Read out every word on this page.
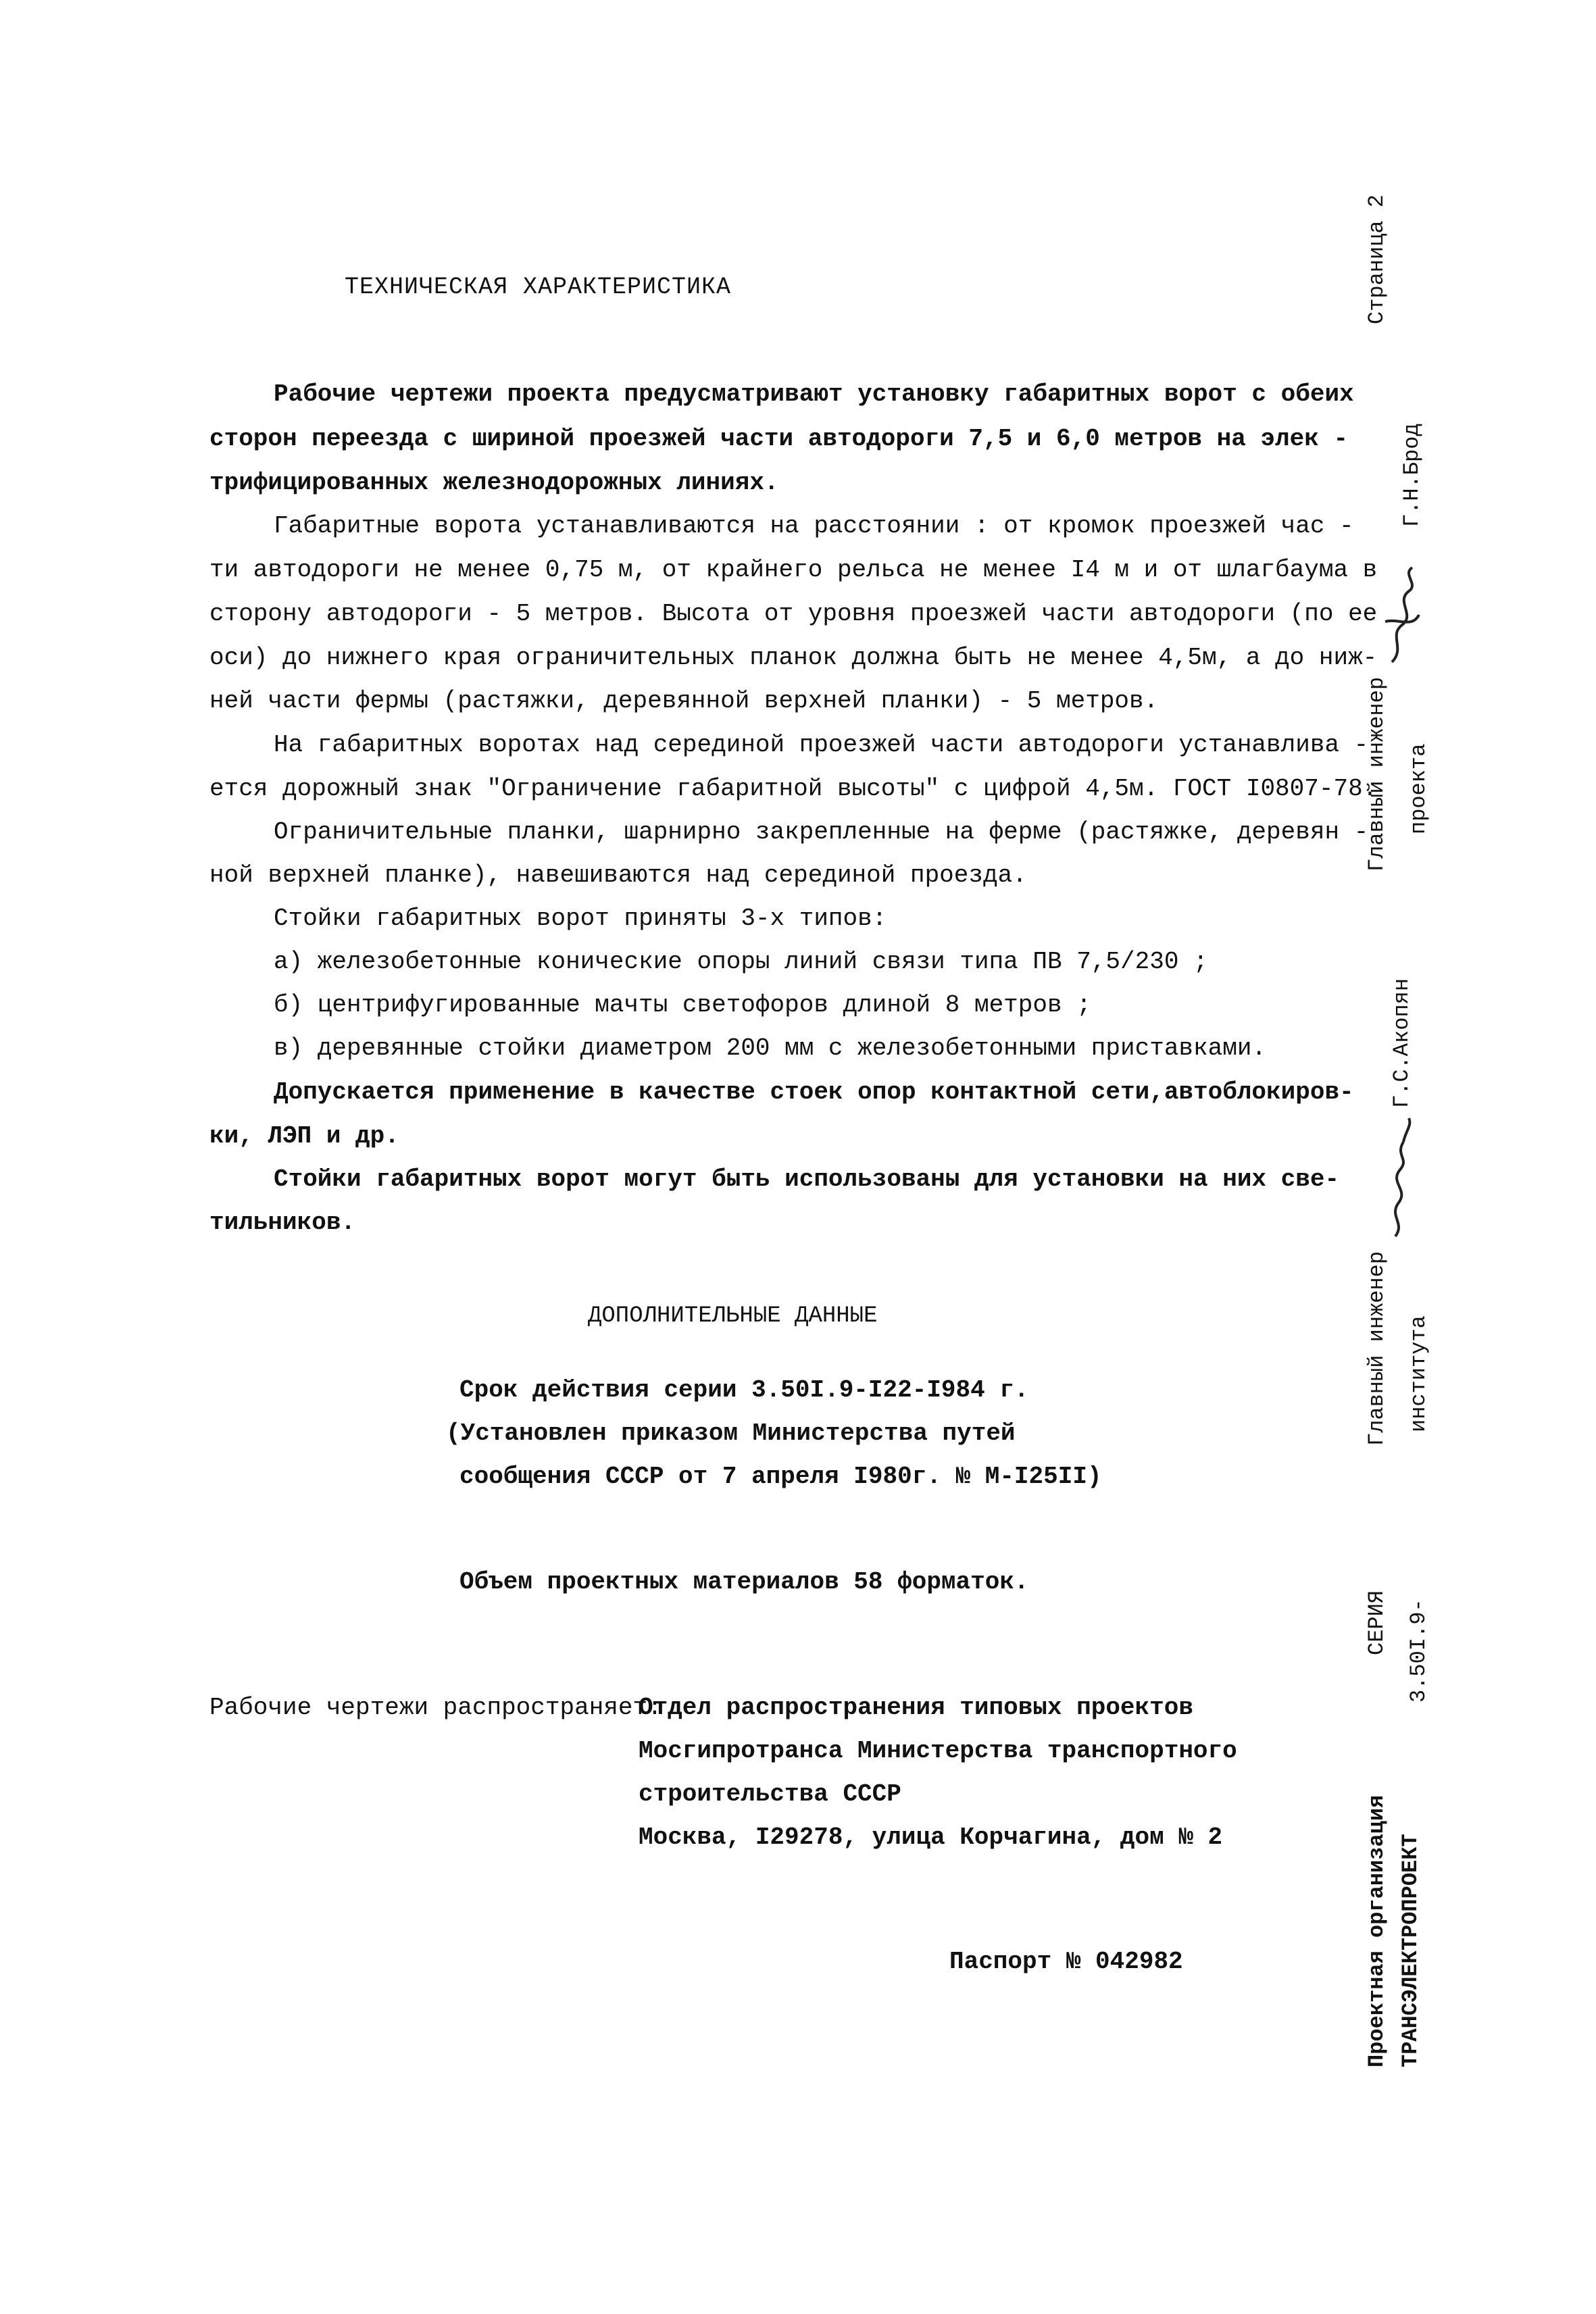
ТЕХНИЧЕСКАЯ ХАРАКТЕРИСТИКА
Рабочие чертежи проекта предусматривают установку габаритных ворот с обеих
сторон переезда с шириной проезжей части автодороги 7,5 и 6,0 метров на элек -
трифицированных железнодорожных линиях.
Габаритные ворота устанавливаются на расстоянии : от кромок проезжей час -
ти автодороги не менее 0,75 м, от крайнего рельса не менее I4 м и от шлагбаума в
сторону автодороги - 5 метров. Высота от уровня проезжей части автодороги (по ее
оси) до нижнего края ограничительных планок должна быть не менее 4,5м, а до ниж-
ней части фермы (растяжки, деревянной верхней планки) - 5 метров.
На габаритных воротах над серединой проезжей части автодороги устанавлива -
ется дорожный знак "Ограничение габаритной высоты" с цифрой 4,5м. ГОСТ I0807-78.
Ограничительные планки, шарнирно закрепленные на ферме (растяжке, деревян -
ной верхней планке), навешиваются над серединой проезда.
Стойки габаритных ворот приняты 3-х типов:
а) железобетонные конические опоры линий связи типа ПВ 7,5/230 ;
б) центрифугированные мачты светофоров длиной 8 метров ;
в) деревянные стойки диаметром 200 мм с железобетонными приставками.
Допускается применение в качестве стоек опор контактной сети,автоблокиров-
ки, ЛЭП и др.
Стойки габаритных ворот могут быть использованы для установки на них све-
тильников.
ДОПОЛНИТЕЛЬНЫЕ ДАННЫЕ
Срок действия серии 3.50I.9-I22-I984 г.
(Установлен приказом Министерства путей
сообщения СССР от 7 апреля I980г. № М-I25II)
Объем проектных материалов 58 форматок.
Рабочие чертежи распространяет:
Отдел распространения типовых проектов
Мосгипротранса Министерства транспортного
строительства СССР
Москва, I29278, улица Корчагина, дом № 2
Паспорт № 042982
Страница 2
Г.Н.Брод
Главный инженер проекта
Г.С.Акопян
Главный инженер института
СЕРИЯ 3.50I.9-
Проектная организация ТРАНСЭЛЕКТРОПРОЕКТ
